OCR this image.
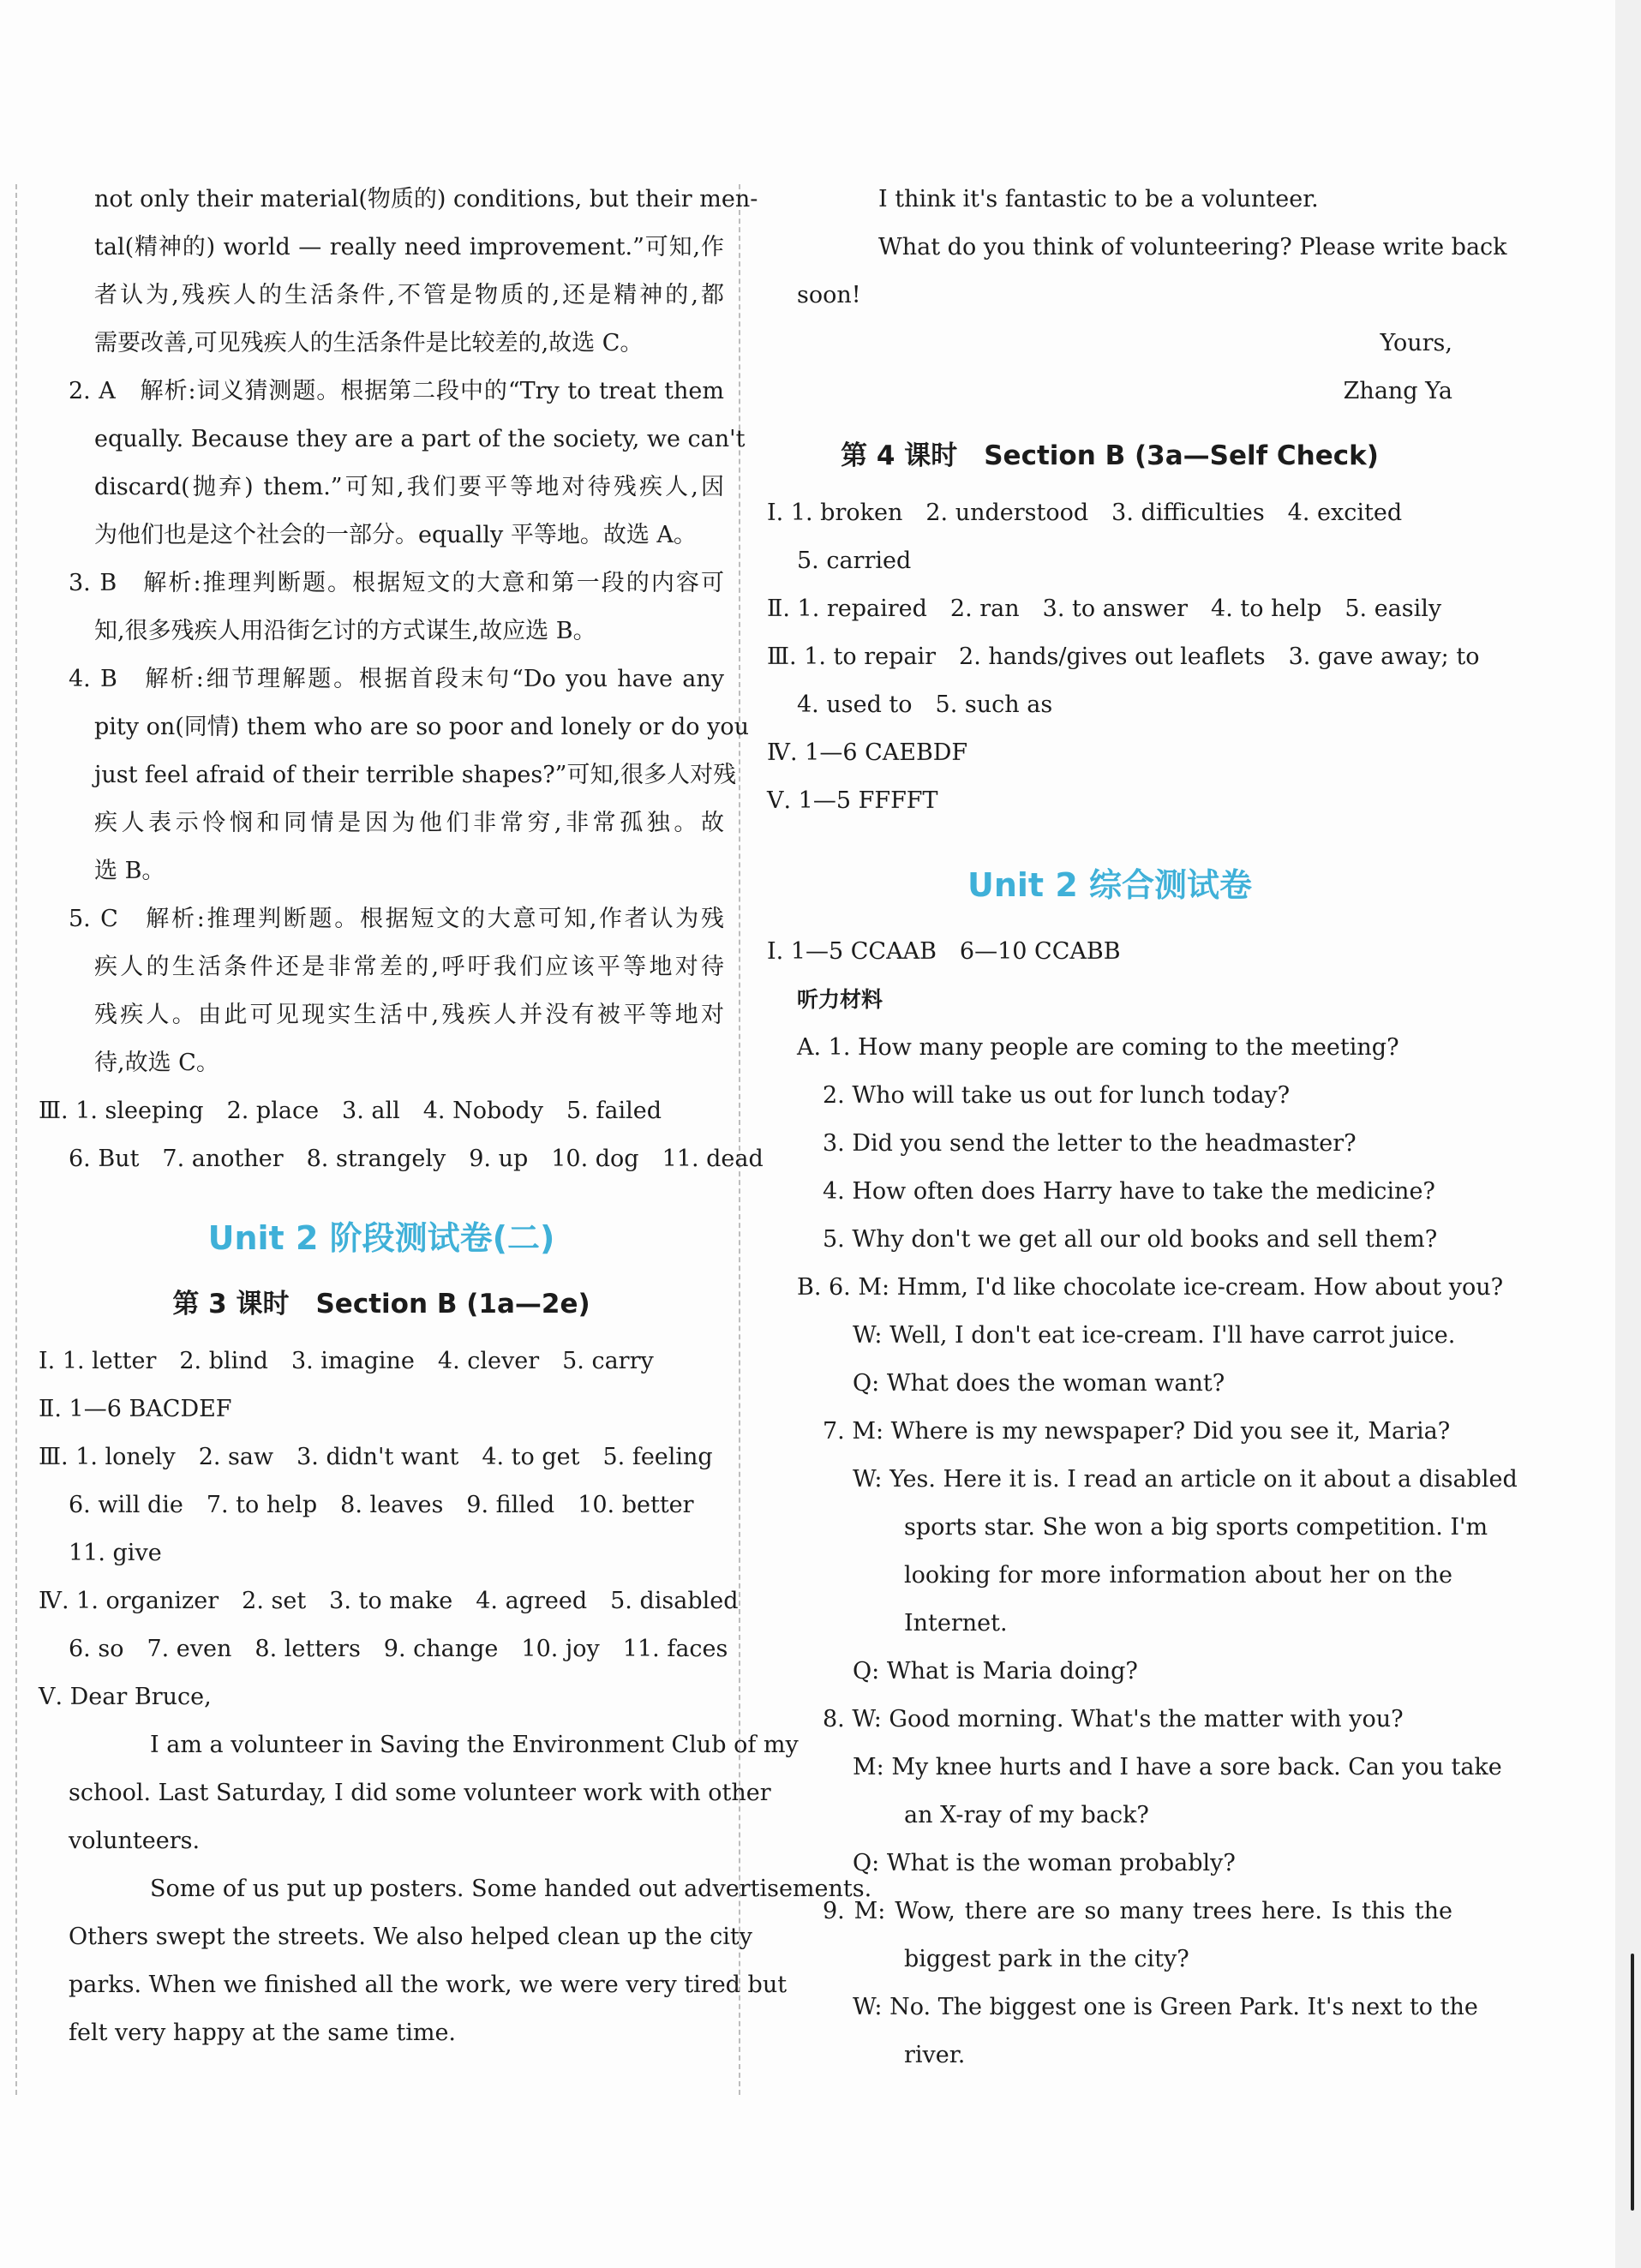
not only their material(物质的) conditions, but their men-
tal(精神的) world — really need improvement.”可知,作
者认为,残疾人的生活条件,不管是物质的,还是精神的,都
需要改善,可见残疾人的生活条件是比较差的,故选 C。
2. A　解析:词义猜测题。根据第二段中的“Try to treat them
equally. Because they are a part of the society, we can't
discard(抛弃) them.”可知,我们要平等地对待残疾人,因
为他们也是这个社会的一部分。equally 平等地。故选 A。
3. B　解析:推理判断题。根据短文的大意和第一段的内容可
知,很多残疾人用沿街乞讨的方式谋生,故应选 B。
4. B　解析:细节理解题。根据首段末句“Do you have any
pity on(同情) them who are so poor and lonely or do you
just feel afraid of their terrible shapes?”可知,很多人对残
疾人表示怜悯和同情是因为他们非常穷,非常孤独。故
选 B。
5. C　解析:推理判断题。根据短文的大意可知,作者认为残
疾人的生活条件还是非常差的,呼吁我们应该平等地对待
残疾人。由此可见现实生活中,残疾人并没有被平等地对
待,故选 C。
Ⅲ. 1. sleeping　2. place　3. all　4. Nobody　5. failed
6. But　7. another　8. strangely　9. up　10. dog　11. dead
Unit 2 阶段测试卷(二)
第 3 课时　Section B (1a—2e)
Ⅰ. 1. letter　2. blind　3. imagine　4. clever　5. carry
Ⅱ. 1—6 BACDEF
Ⅲ. 1. lonely　2. saw　3. didn't want　4. to get　5. feeling
6. will die　7. to help　8. leaves　9. filled　10. better
11. give
Ⅳ. 1. organizer　2. set　3. to make　4. agreed　5. disabled
6. so　7. even　8. letters　9. change　10. joy　11. faces
Ⅴ. Dear Bruce,
I am a volunteer in Saving the Environment Club of my
school. Last Saturday, I did some volunteer work with other
volunteers.
Some of us put up posters. Some handed out advertisements.
Others swept the streets. We also helped clean up the city
parks. When we finished all the work, we were very tired but
felt very happy at the same time.
I think it's fantastic to be a volunteer.
What do you think of volunteering? Please write back
soon!
Yours,
Zhang Ya
第 4 课时　Section B (3a—Self Check)
Ⅰ. 1. broken　2. understood　3. difficulties　4. excited
5. carried
Ⅱ. 1. repaired　2. ran　3. to answer　4. to help　5. easily
Ⅲ. 1. to repair　2. hands/gives out leaflets　3. gave away; to
4. used to　5. such as
Ⅳ. 1—6 CAEBDF
Ⅴ. 1—5 FFFFT
Unit 2 综合测试卷
Ⅰ. 1—5 CCAAB　6—10 CCABB
听力材料
A. 1. How many people are coming to the meeting?
2. Who will take us out for lunch today?
3. Did you send the letter to the headmaster?
4. How often does Harry have to take the medicine?
5. Why don't we get all our old books and sell them?
B. 6. M: Hmm, I'd like chocolate ice-cream. How about you?
W: Well, I don't eat ice-cream. I'll have carrot juice.
Q: What does the woman want?
7. M: Where is my newspaper? Did you see it, Maria?
W: Yes. Here it is. I read an article on it about a disabled
sports star. She won a big sports competition. I'm
looking for more information about her on the
Internet.
Q: What is Maria doing?
8. W: Good morning. What's the matter with you?
M: My knee hurts and I have a sore back. Can you take
an X-ray of my back?
Q: What is the woman probably?
9. M: Wow, there are so many trees here. Is this the
biggest park in the city?
W: No. The biggest one is Green Park. It's next to the
river.
